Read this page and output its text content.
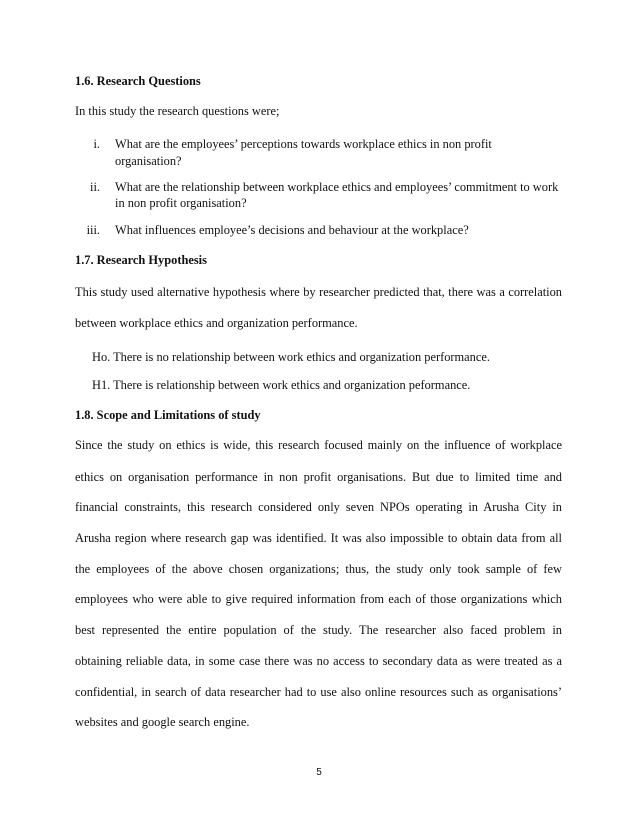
1.6. Research Questions
In this study the research questions were;
i. What are the employees’ perceptions towards workplace ethics in non profit
organisation?
ii. What are the relationship between workplace ethics and employees’ commitment to work
in non profit organisation?
iii. What influences employee’s decisions and behaviour at the workplace?
1.7. Research Hypothesis
This study used alternative hypothesis where by researcher predicted that, there was a correlation
between workplace ethics and organization performance.
Ho. There is no relationship between work ethics and organization performance.
H1. There is relationship between work ethics and organization peformance.
1.8. Scope and Limitations of study
Since the study on ethics is wide, this research focused mainly on the influence of workplace
ethics on organisation performance in non profit organisations. But due to limited time and
financial constraints, this research considered only seven NPOs operating in Arusha City in
Arusha region where research gap was identified. It was also impossible to obtain data from all
the employees of the above chosen organizations; thus, the study only took sample of few
employees who were able to give required information from each of those organizations which
best represented the entire population of the study. The researcher also faced problem in
obtaining reliable data, in some case there was no access to secondary data as were treated as a
confidential, in search of data researcher had to use also online resources such as organisations’
websites and google search engine.
5
